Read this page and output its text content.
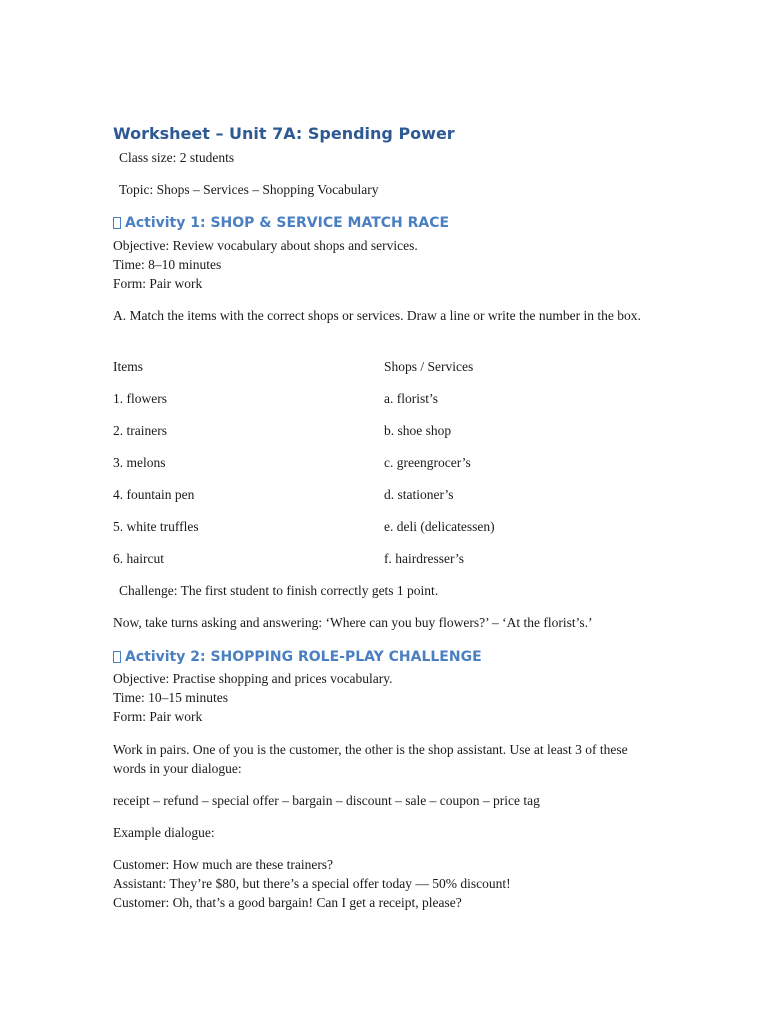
Worksheet – Unit 7A: Spending Power
Class size: 2 students
Topic: Shops – Services – Shopping Vocabulary
Activity 1: SHOP & SERVICE MATCH RACE
Objective: Review vocabulary about shops and services.
Time: 8–10 minutes
Form: Pair work
A. Match the items with the correct shops or services. Draw a line or write the number in the box.
Items	Shops / Services
1. flowers	a. florist’s
2. trainers	b. shoe shop
3. melons	c. greengrocer’s
4. fountain pen	d. stationer’s
5. white truffles	e. deli (delicatessen)
6. haircut	f. hairdresser’s
Challenge: The first student to finish correctly gets 1 point.
Now, take turns asking and answering: ‘Where can you buy flowers?’ – ‘At the florist’s.’
Activity 2: SHOPPING ROLE-PLAY CHALLENGE
Objective: Practise shopping and prices vocabulary.
Time: 10–15 minutes
Form: Pair work
Work in pairs. One of you is the customer, the other is the shop assistant. Use at least 3 of these words in your dialogue:
receipt – refund – special offer – bargain – discount – sale – coupon – price tag
Example dialogue:
Customer: How much are these trainers?
Assistant: They’re $80, but there’s a special offer today — 50% discount!
Customer: Oh, that’s a good bargain! Can I get a receipt, please?
